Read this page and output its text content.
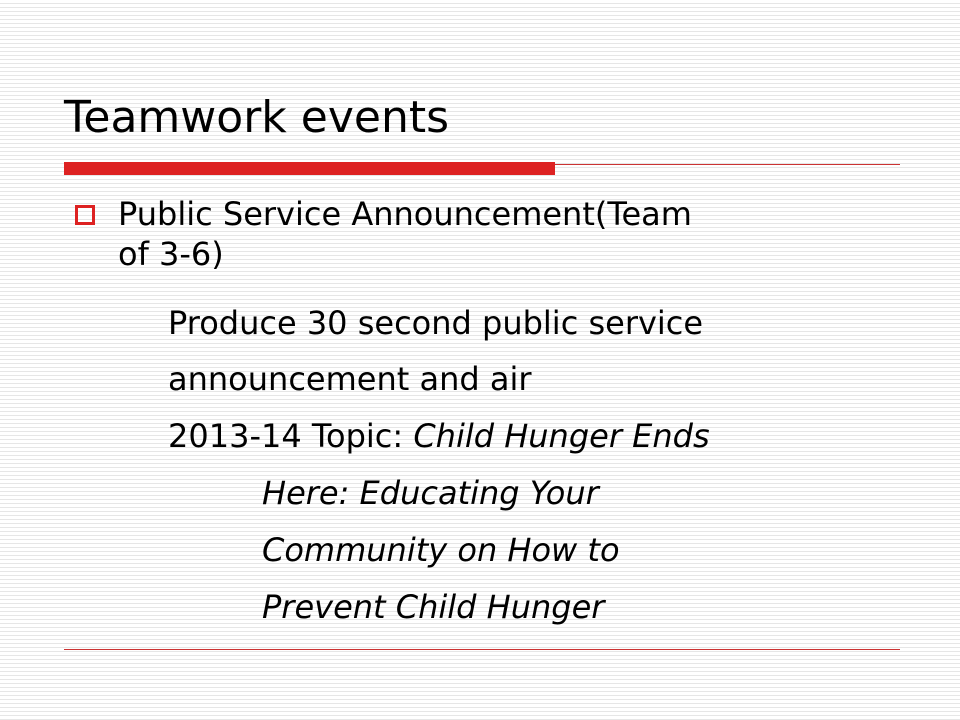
Teamwork events
Public Service Announcement(Team
of 3-6)
Produce 30 second public service
announcement and air
2013-14 Topic: Child Hunger Ends
Here: Educating Your
Community on How to
Prevent Child Hunger
